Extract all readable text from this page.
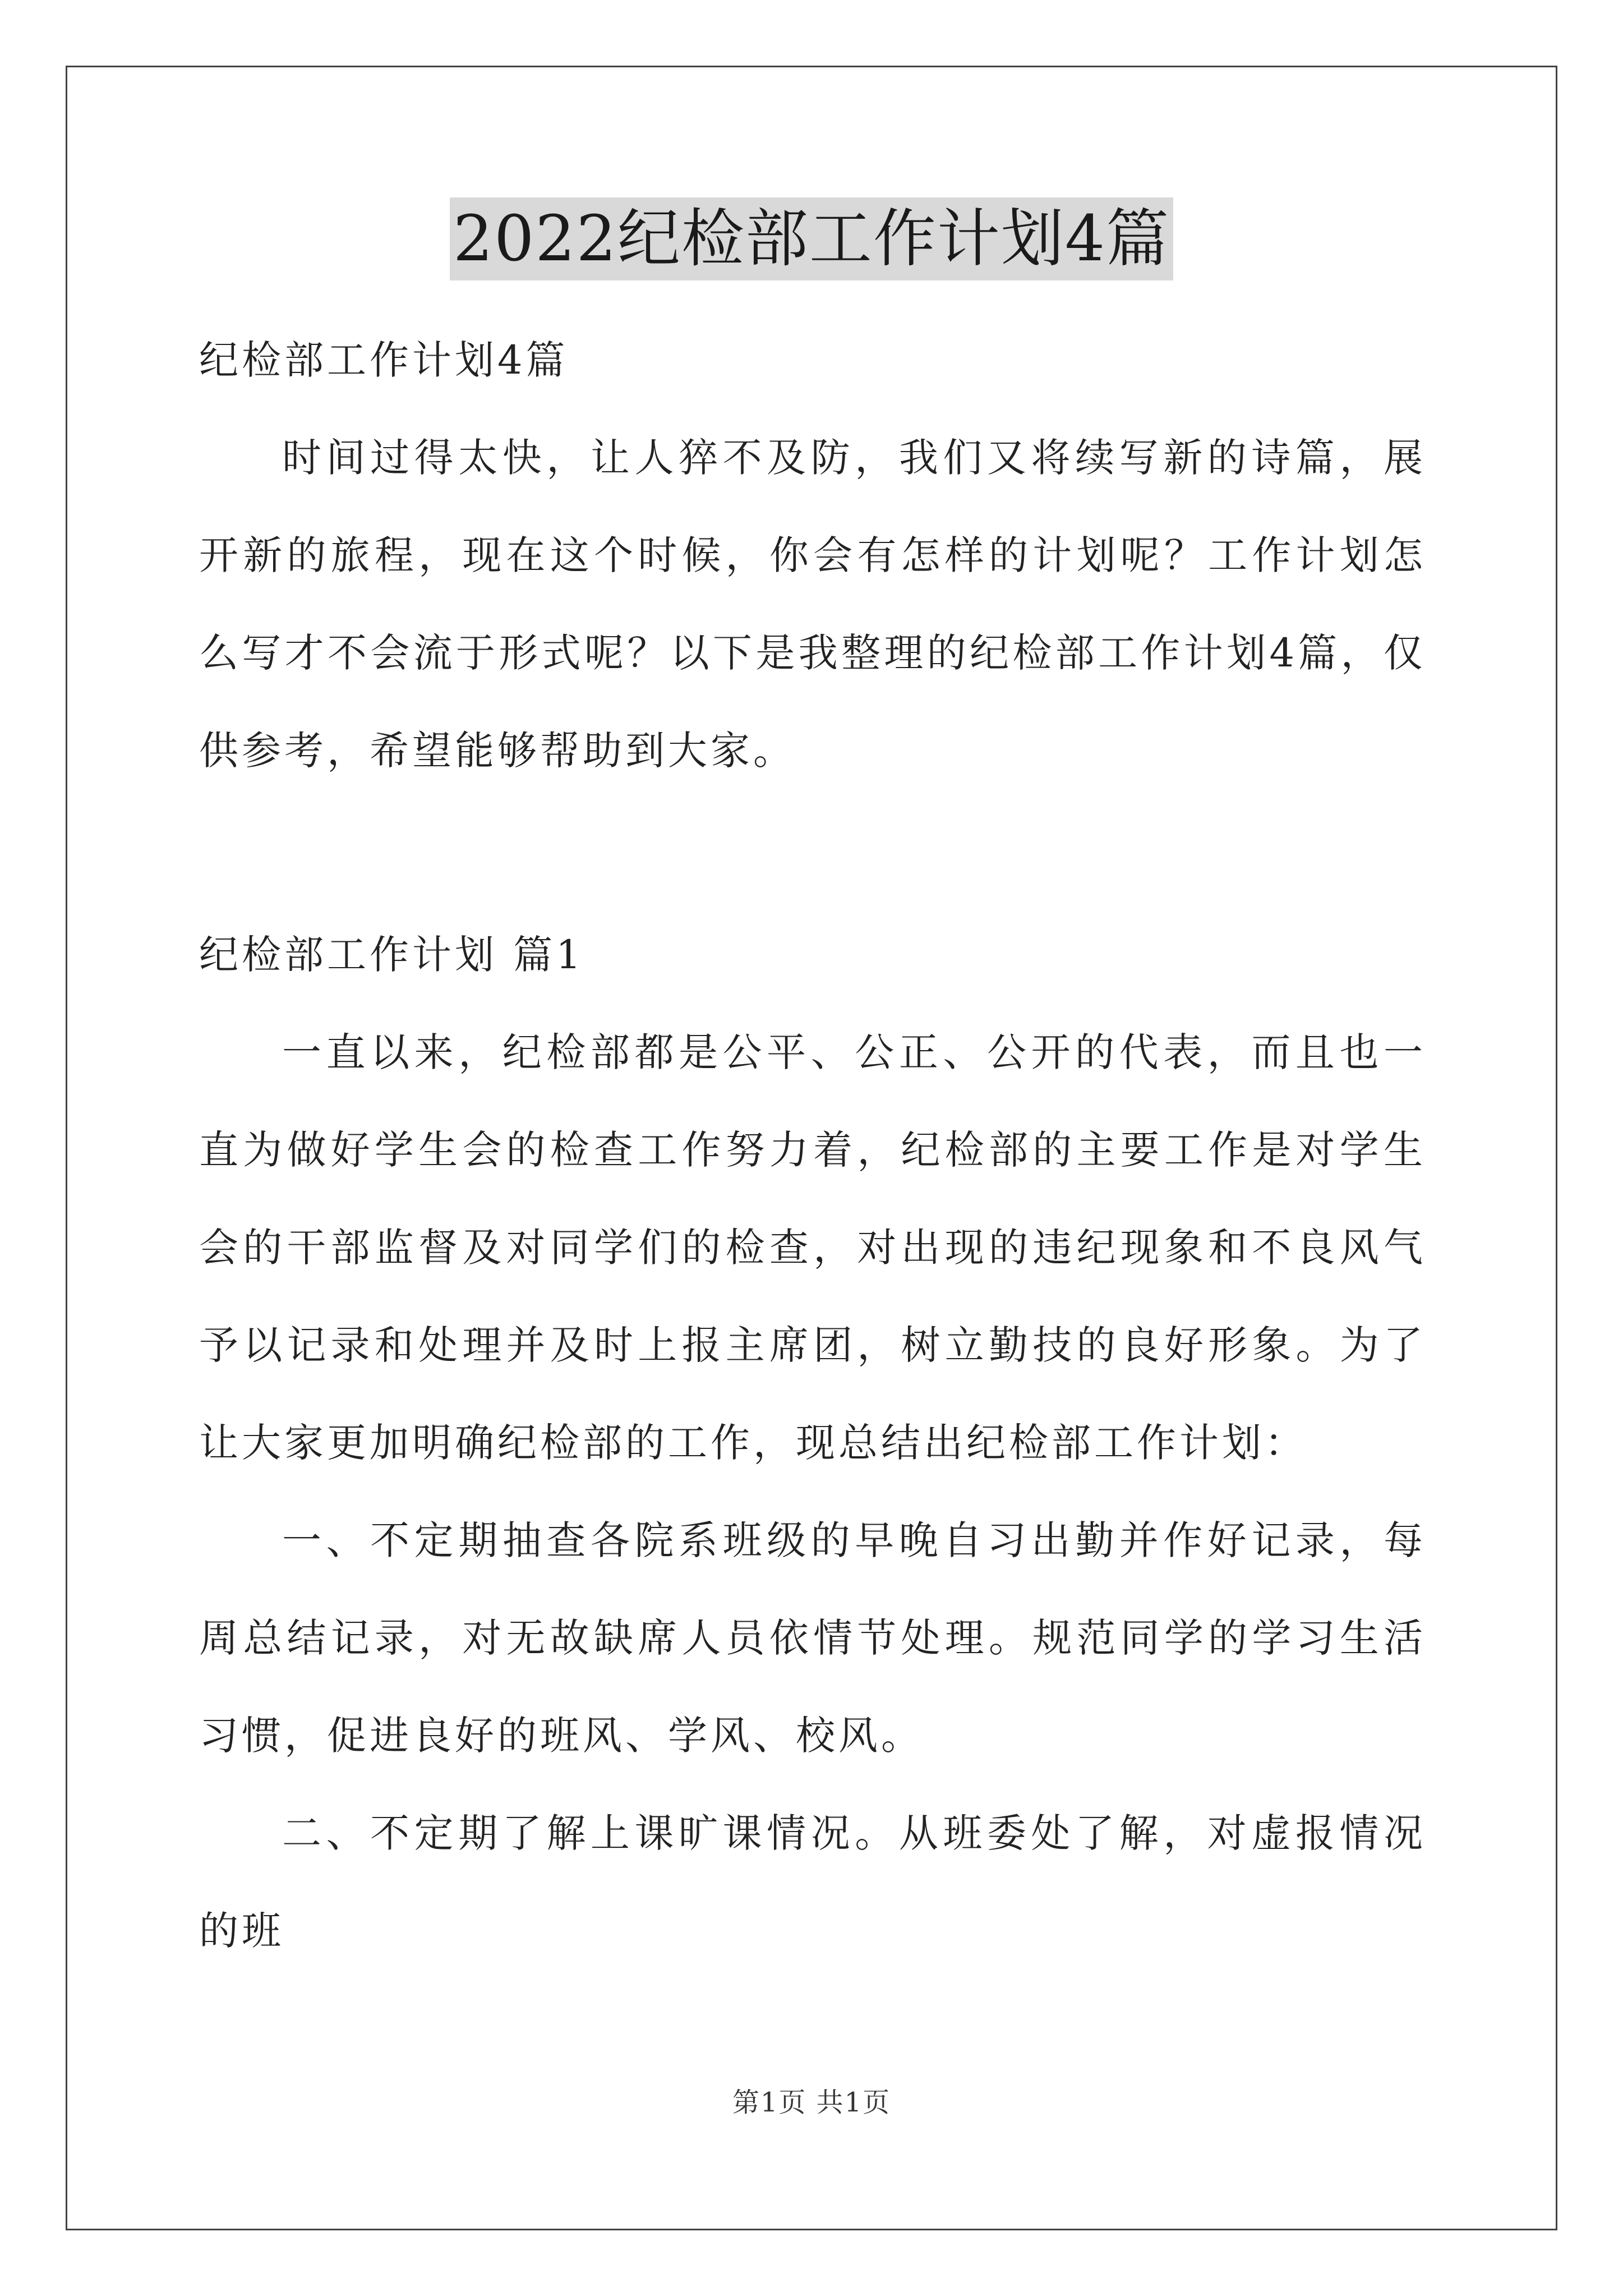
2022纪检部工作计划4篇

纪检部工作计划4篇

时间过得太快，让人猝不及防，我们又将续写新的诗篇，展开新的旅程，现在这个时候，你会有怎样的计划呢？工作计划怎么写才不会流于形式呢？以下是我整理的纪检部工作计划4篇，仅供参考，希望能够帮助到大家。

纪检部工作计划 篇1

一直以来，纪检部都是公平、公正、公开的代表，而且也一直为做好学生会的检查工作努力着，纪检部的主要工作是对学生会的干部监督及对同学们的检查，对出现的违纪现象和不良风气予以记录和处理并及时上报主席团，树立勤技的良好形象。为了让大家更加明确纪检部的工作，现总结出纪检部工作计划：

一、不定期抽查各院系班级的早晚自习出勤并作好记录，每周总结记录，对无故缺席人员依情节处理。规范同学的学习生活习惯，促进良好的班风、学风、校风。

二、不定期了解上课旷课情况。从班委处了解，对虚报情况的班

第1页 共1页
